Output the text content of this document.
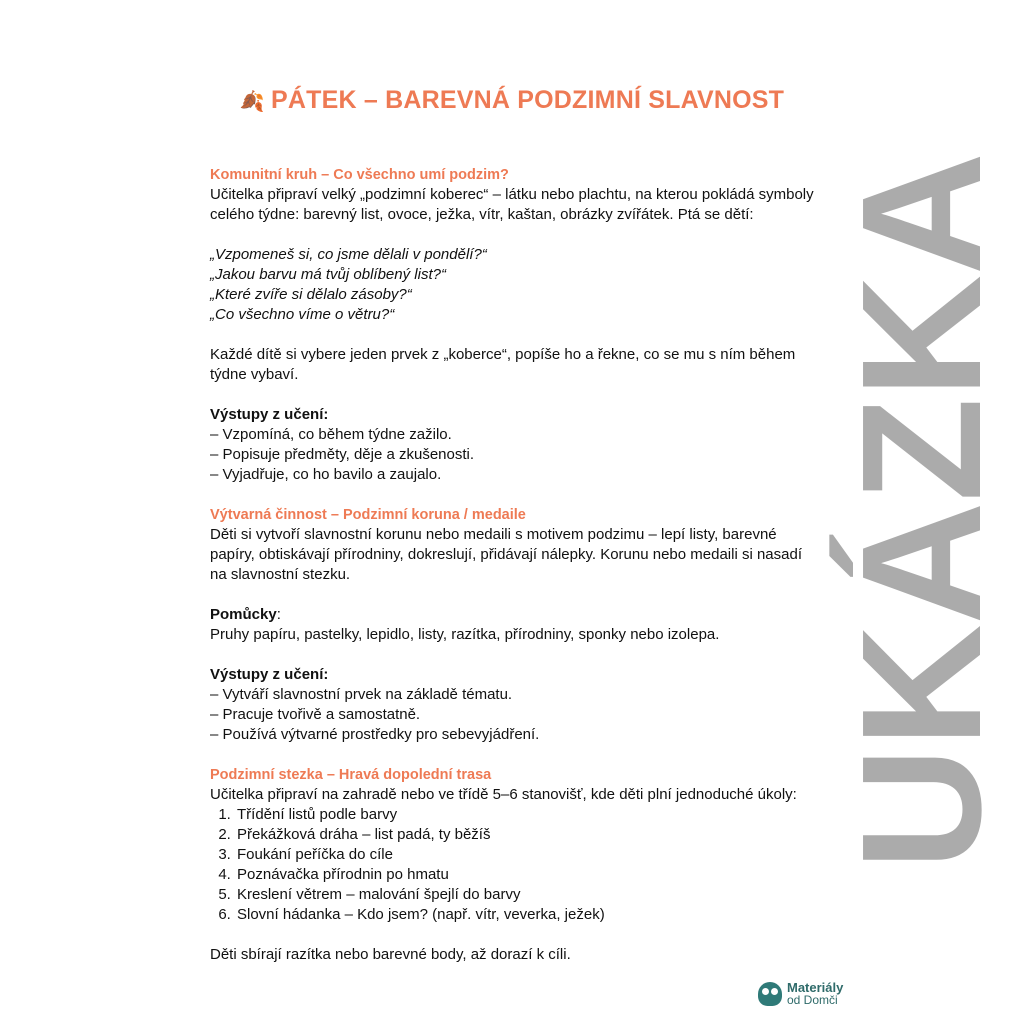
🍂 PÁTEK – BAREVNÁ PODZIMNÍ SLAVNOST
Komunitní kruh – Co všechno umí podzim?
Učitelka připraví velký „podzimní koberec“ – látku nebo plachtu, na kterou pokládá symboly celého týdne: barevný list, ovoce, ježka, vítr, kaštan, obrázky zvířátek. Ptá se dětí:
„Vzpomeneš si, co jsme dělali v pondělí?“
„Jakou barvu má tvůj oblíbený list?“
„Které zvíře si dělalo zásoby?“
„Co všechno víme o větru?“
Každé dítě si vybere jeden prvek z „koberce“, popíše ho a řekne, co se mu s ním během týdne vybaví.
Výstupy z učení:
– Vzpomíná, co během týdne zažilo.
– Popisuje předměty, děje a zkušenosti.
– Vyjadřuje, co ho bavilo a zaujalo.
Výtvarná činnost – Podzimní koruna / medaile
Děti si vytvoří slavnostní korunu nebo medaili s motivem podzimu – lepí listy, barevné papíry, obtiskávají přírodniny, dokreslují, přidávají nálepky. Korunu nebo medaili si nasadí na slavnostní stezku.
Pomůcky:
Pruhy papíru, pastelky, lepidlo, listy, razítka, přírodniny, sponky nebo izolepa.
Výstupy z učení:
– Vytváří slavnostní prvek na základě tématu.
– Pracuje tvořivě a samostatně.
– Používá výtvarné prostředky pro sebevyjádření.
Podzimní stezka – Hravá dopolední trasa
Učitelka připraví na zahradě nebo ve třídě 5–6 stanovišť, kde děti plní jednoduché úkoly:
1. Třídění listů podle barvy
2. Překážková dráha – list padá, ty běžíš
3. Foukání peříčka do cíle
4. Poznávačka přírodnin po hmatu
5. Kreslení větrem – malování špejlí do barvy
6. Slovní hádanka – Kdo jsem? (např. vítr, veverka, ježek)
Děti sbírají razítka nebo barevné body, až dorazí k cíli.
UKÁZKA
Materiály
od Domči
